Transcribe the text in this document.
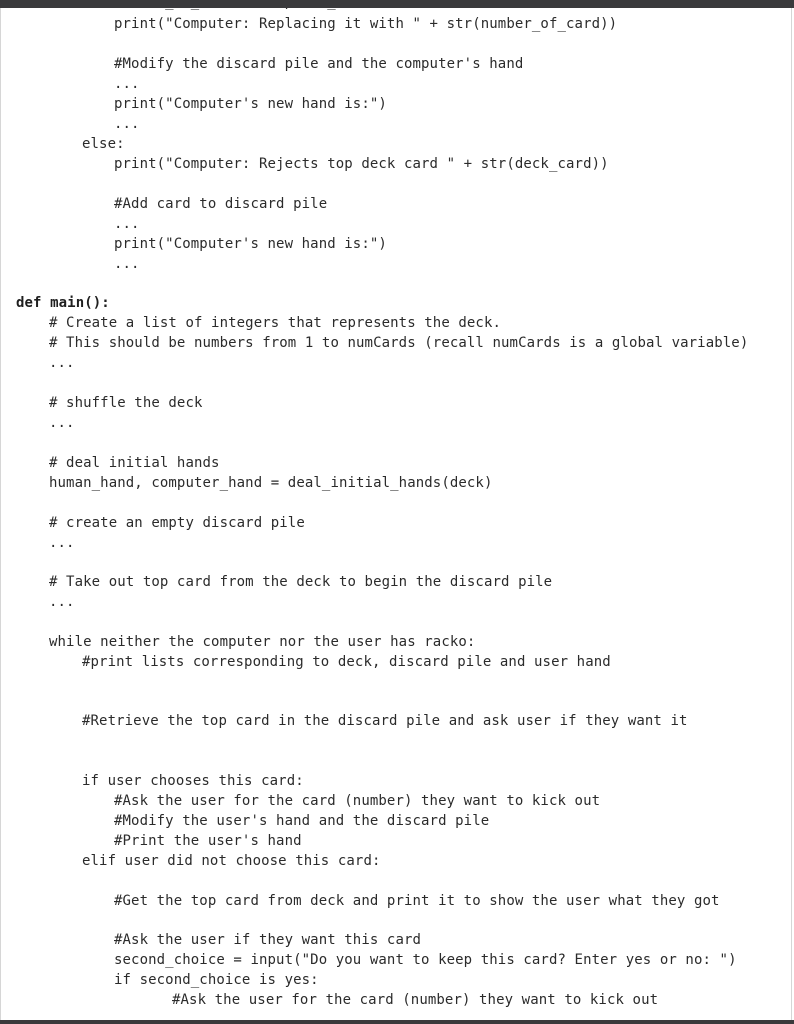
print("Computer: Replacing it with " + str(number_of_card))
#Modify the discard pile and the computer's hand
...
print("Computer's new hand is:")
...
else:
print("Computer: Rejects top deck card " + str(deck_card))
#Add card to discard pile
...
print("Computer's new hand is:")
...
def main():
# Create a list of integers that represents the deck.
# This should be numbers from 1 to numCards (recall numCards is a global variable)
...
# shuffle the deck
...
# deal initial hands
human_hand, computer_hand = deal_initial_hands(deck)
# create an empty discard pile
...
# Take out top card from the deck to begin the discard pile
...
while neither the computer nor the user has racko:
#print lists corresponding to deck, discard pile and user hand
#Retrieve the top card in the discard pile and ask user if they want it
if user chooses this card:
#Ask the user for the card (number) they want to kick out
#Modify the user's hand and the discard pile
#Print the user's hand
elif user did not choose this card:
#Get the top card from deck and print it to show the user what they got
#Ask the user if they want this card
second_choice = input("Do you want to keep this card? Enter yes or no: ")
if second_choice is yes:
#Ask the user for the card (number) they want to kick out
